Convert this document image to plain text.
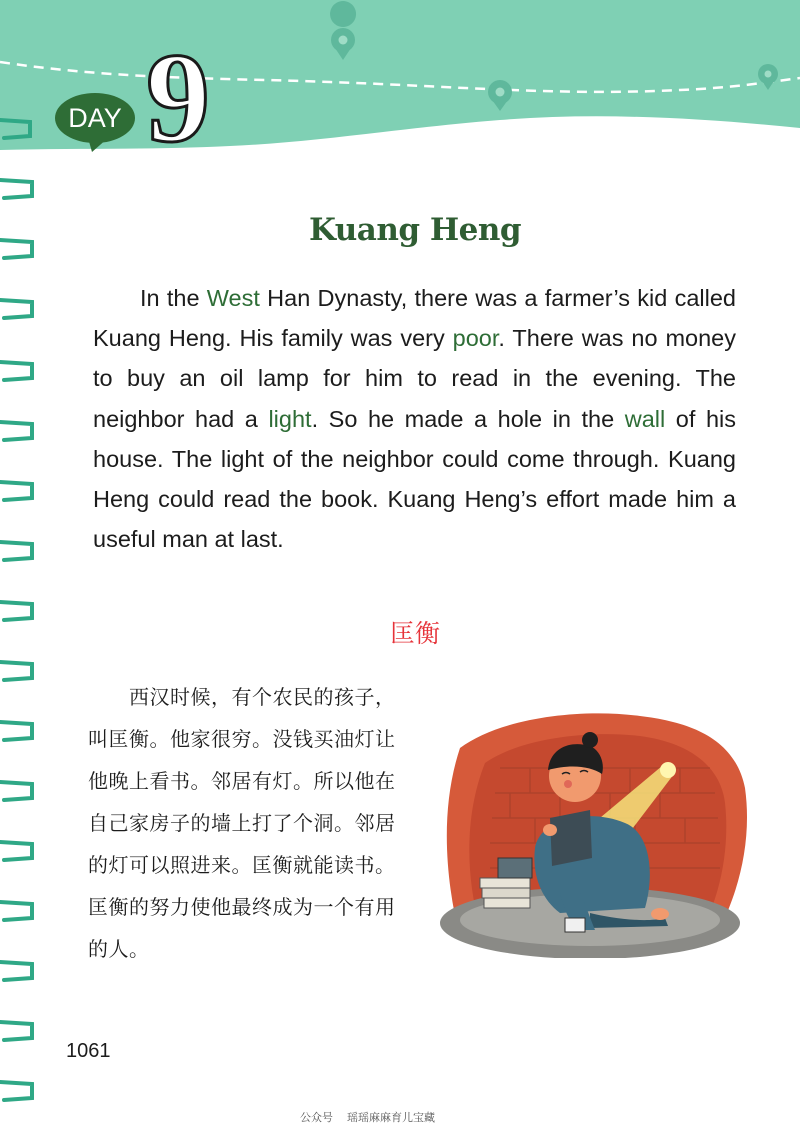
DAY 9
Kuang Heng
In the West Han Dynasty, there was a farmer’s kid called Kuang Heng. His family was very poor. There was no money to buy an oil lamp for him to read in the evening. The neighbor had a light. So he made a hole in the wall of his house. The light of the neighbor could come through. Kuang Heng could read the book. Kuang Heng’s effort made him a useful man at last.
匡衡
　　西汉时候，有个农民的孩子，
叫匡衡。他家很穷。没钱买油灯让
他晚上看书。邻居有灯。所以他在
自己家房子的墙上打了个洞。邻居
的灯可以照进来。匡衡就能读书。
匡衡的努力使他最终成为一个有用
的人。
1061
公众号 瑶瑶麻麻育儿宝藏
